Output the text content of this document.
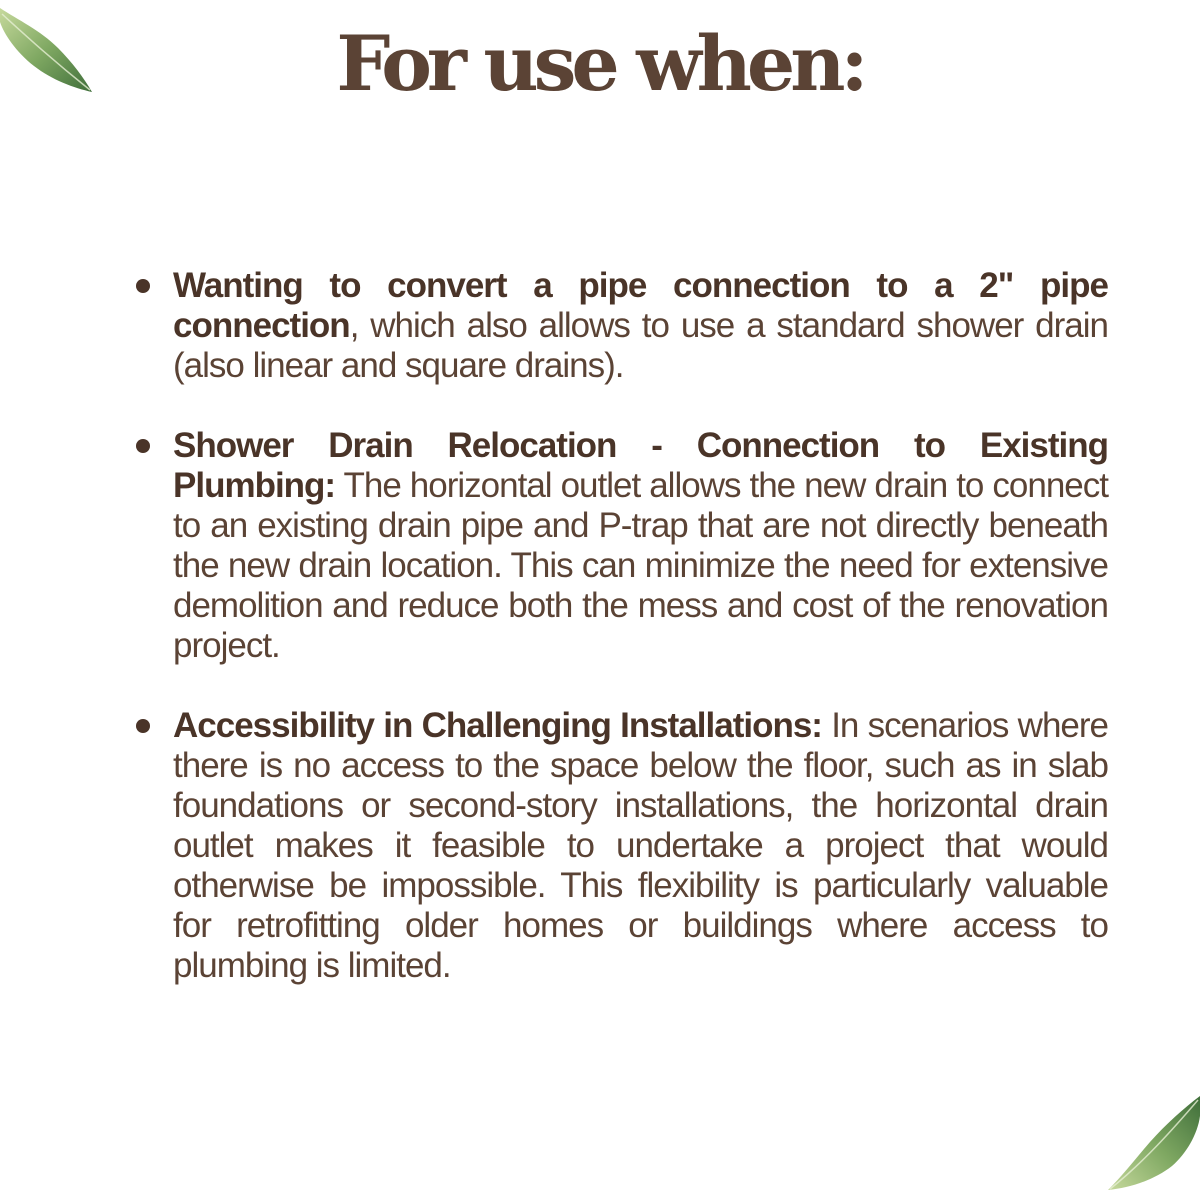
For use when:
Wanting to convert a pipe connection to a 2" pipe connection, which also allows to use a standard shower drain (also linear and square drains).
Shower Drain Relocation - Connection to Existing Plumbing: The horizontal outlet allows the new drain to connect to an existing drain pipe and P-trap that are not directly beneath the new drain location. This can minimize the need for extensive demolition and reduce both the mess and cost of the renovation project.
Accessibility in Challenging Installations: In scenarios where there is no access to the space below the floor, such as in slab foundations or second-story installations, the horizontal drain outlet makes it feasible to undertake a project that would otherwise be impossible. This flexibility is particularly valuable for retrofitting older homes or buildings where access to plumbing is limited.
